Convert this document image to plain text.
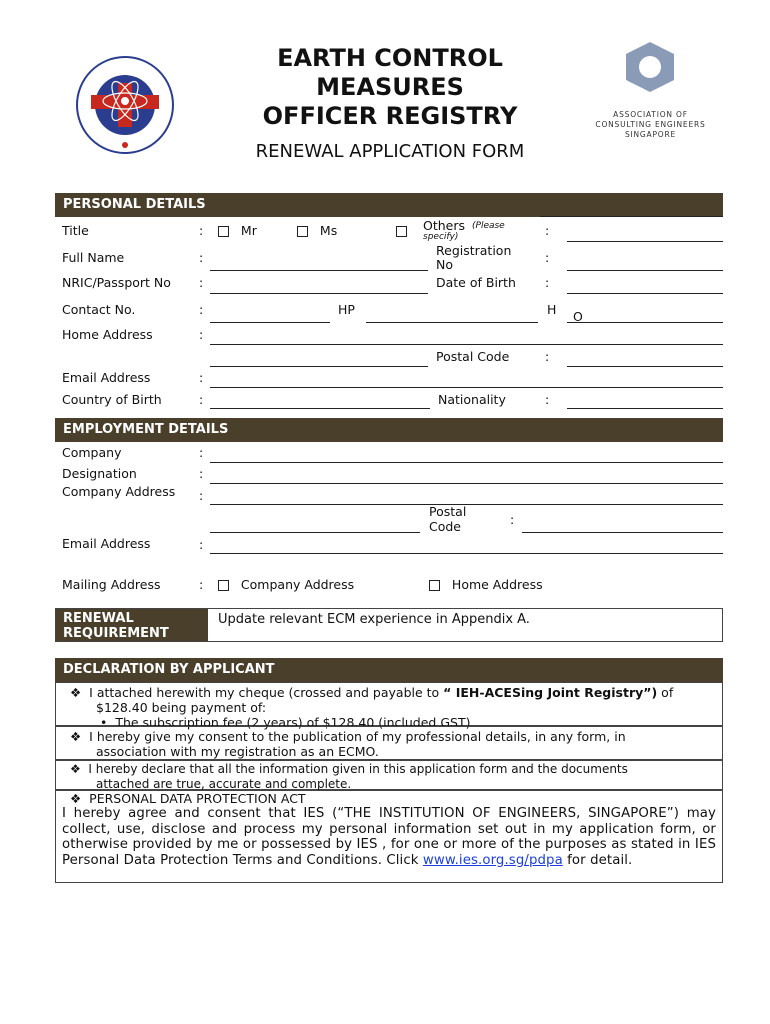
EARTH CONTROL
MEASURES
OFFICER REGISTRY
RENEWAL APPLICATION FORM
ASSOCIATION OF
CONSULTING ENGINEERS
SINGAPORE
PERSONAL DETAILS
Title	:	Mr	Ms	Others (Please
specify)	:
Full Name	:	Registration
No	:
NRIC/Passport No :	Date of Birth :
Contact No.	:	HP	H O
Home Address	:
Postal Code	:
Email Address	:
Country of Birth	:	Nationality	:
EMPLOYMENT DETAILS
Company	:
Designation	:
Company Address :
Postal
Code	:
Email Address	:
Mailing Address	:	Company Address	Home Address
RENEWAL
REQUIREMENT
Update relevant ECM experience in Appendix A.
DECLARATION BY APPLICANT
❖  I attached herewith my cheque (crossed and payable to “ IEH-ACESing Joint Registry”) of
$128.40 being payment of:
•  The subscription fee (2 years) of $128.40 (included GST)
❖  I hereby give my consent to the publication of my professional details, in any form, in
association with my registration as an ECMO.
❖  I hereby declare that all the information given in this application form and the documents
attached are true, accurate and complete.
❖  PERSONAL DATA PROTECTION ACT
I hereby agree and consent that IES (“THE INSTITUTION OF ENGINEERS, SINGAPORE”) may collect, use, disclose and process my personal information set out in my application form, or otherwise provided by me or possessed by IES , for one or more of the purposes as stated in IES Personal Data Protection Terms and Conditions. Click www.ies.org.sg/pdpa for detail.
